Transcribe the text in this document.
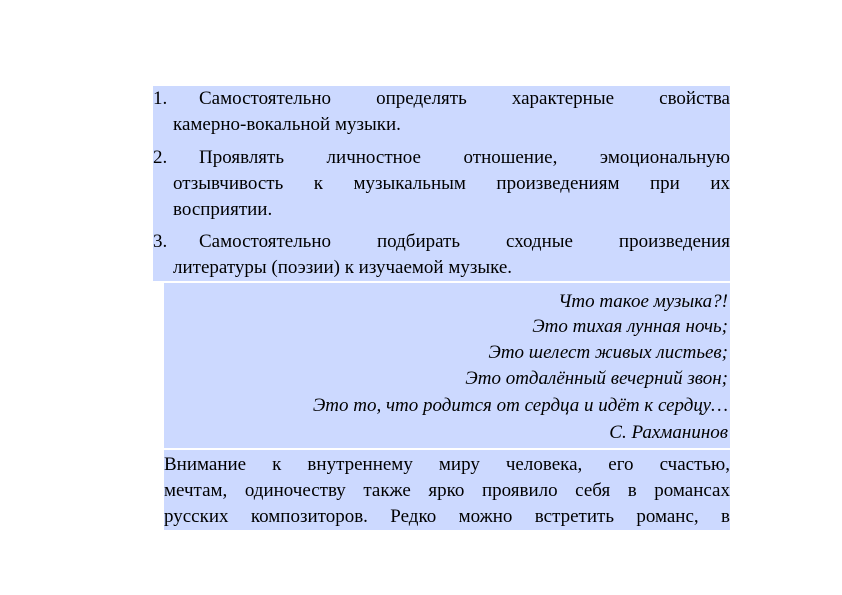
1. Самостоятельно определять характерные свойства
камерно-вокальной музыки.
2. Проявлять личностное отношение, эмоциональную
отзывчивость к музыкальным произведениям при их
восприятии.
3. Самостоятельно подбирать сходные произведения
литературы (поэзии) к изучаемой музыке.
Что такое музыка?!
Это тихая лунная ночь;
Это шелест живых листьев;
Это отдалённый вечерний звон;
Это то, что родится от сердца и идёт к сердцу…
С. Рахманинов
Внимание к внутреннему миру человека, его счастью,
мечтам, одиночеству также ярко проявило себя в романсах
русских композиторов. Редко можно встретить романс, в
